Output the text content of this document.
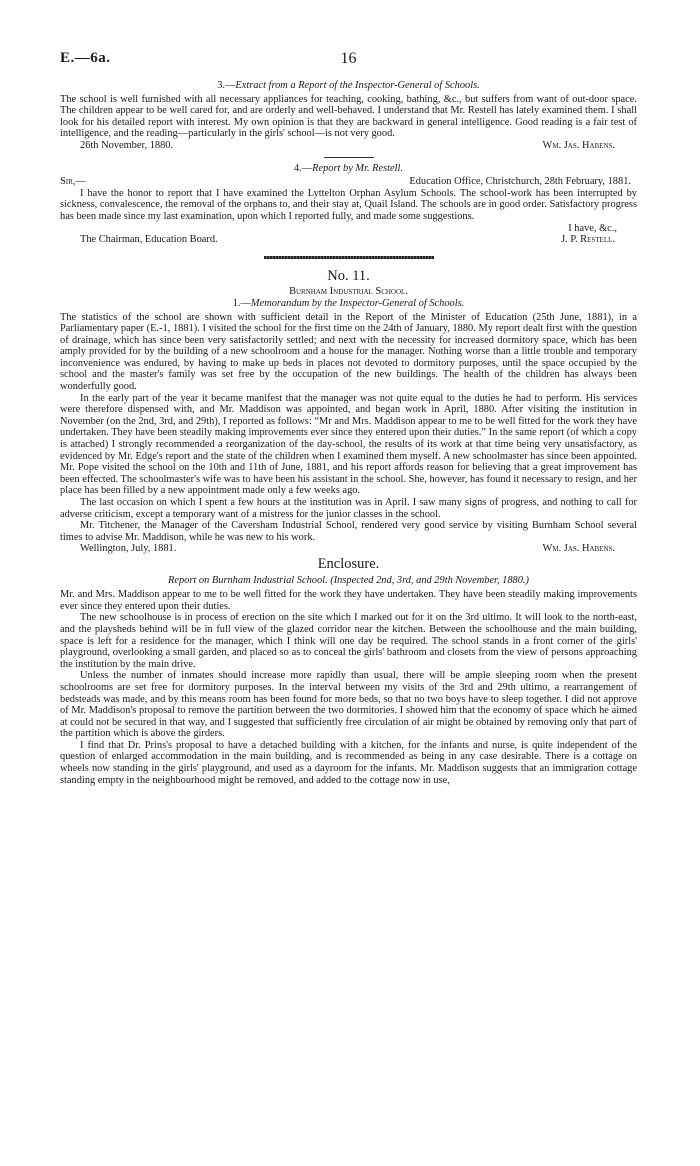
E.—6a.	16
3.—Extract from a Report of the Inspector-General of Schools.

The school is well furnished with all necessary appliances for teaching, cooking, bathing, &c., but suffers from want of out-door space. The children appear to be well cared for, and are orderly and well-behaved. I understand that Mr. Restell has lately examined them. I shall look for his detailed report with interest. My own opinion is that they are backward in general intelligence. Good reading is a fair test of intelligence, and the reading—particularly in the girls' school—is not very good.

26th November, 1880.	Wm. Jas. Habens.
4.—Report by Mr. Restell.
Sir,—	Education Office, Christchurch, 28th February, 1881.

I have the honor to report that I have examined the Lyttelton Orphan Asylum Schools. The school-work has been interrupted by sickness, convalescence, the removal of the orphans to, and their stay at, Quail Island. The schools are in good order. Satisfactory progress has been made since my last examination, upon which I reported fully, and made some suggestions.

I have, &c.,
The Chairman, Education Board.	J. P. Restell.
No. 11.
Burnham Industrial School.
1.—Memorandum by the Inspector-General of Schools.

The statistics of the school are shown with sufficient detail in the Report of the Minister of Education (25th June, 1881), in a Parliamentary paper (E.-1, 1881). I visited the school for the first time on the 24th of January, 1880. My report dealt first with the question of drainage, which has since been very satisfactorily settled; and next with the necessity for increased dormitory space, which has been amply provided for by the building of a new schoolroom and a house for the manager. Nothing worse than a little trouble and temporary inconvenience was endured, by having to make up beds in places not devoted to dormitory purposes, until the space occupied by the school and the master's family was set free by the occupation of the new buildings. The health of the children has always been wonderfully good.

In the early part of the year it became manifest that the manager was not quite equal to the duties he had to perform. His services were therefore dispensed with, and Mr. Maddison was appointed, and began work in April, 1880. After visiting the institution in November (on the 2nd, 3rd, and 29th), I reported as follows: “Mr and Mrs. Maddison appear to me to be well fitted for the work they have undertaken. They have been steadily making improvements ever since they entered upon their duties.” In the same report (of which a copy is attached) I strongly recommended a reorganization of the day-school, the results of its work at that time being very unsatisfactory, as evidenced by Mr. Edge's report and the state of the children when I examined them myself. A new schoolmaster has since been appointed. Mr. Pope visited the school on the 10th and 11th of June, 1881, and his report affords reason for believing that a great improvement has been effected. The schoolmaster's wife was to have been his assistant in the school. She, however, has found it necessary to resign, and her place has been filled by a new appointment made only a few weeks ago.

The last occasion on which I spent a few hours at the institution was in April. I saw many signs of progress, and nothing to call for adverse criticism, except a temporary want of a mistress for the junior classes in the school.

Mr. Titchener, the Manager of the Caversham Industrial School, rendered very good service by visiting Burnham School several times to advise Mr. Maddison, while he was new to his work.

Wellington, July, 1881.	Wm. Jas. Habens.
Enclosure.
Report on Burnham Industrial School. (Inspected 2nd, 3rd, and 29th November, 1880.)

Mr. and Mrs. Maddison appear to me to be well fitted for the work they have undertaken. They have been steadily making improvements ever since they entered upon their duties.

The new schoolhouse is in process of erection on the site which I marked out for it on the 3rd ultimo. It will look to the north-east, and the playsheds behind will be in full view of the glazed corridor near the kitchen. Between the schoolhouse and the main building, space is left for a residence for the manager, which I think will one day be required. The school stands in a front corner of the girls' playground, overlooking a small garden, and placed so as to conceal the girls' bathroom and closets from the view of persons approaching the institution by the main drive.

Unless the number of inmates should increase more rapidly than usual, there will be ample sleeping room when the present schoolrooms are set free for dormitory purposes. In the interval between my visits of the 3rd and 29th ultimo, a rearrangement of bedsteads was made, and by this means room has been found for more beds, so that no two boys have to sleep together. I did not approve of Mr. Maddison's proposal to remove the partition between the two dormitories. I showed him that the economy of space which he aimed at could not be secured in that way, and I suggested that sufficiently free circulation of air might be obtained by removing only that part of the partition which is above the girders.

I find that Dr. Prins's proposal to have a detached building with a kitchen, for the infants and nurse, is quite independent of the question of enlarged accommodation in the main building, and is recommended as being in any case desirable. There is a cottage on wheels now standing in the girls' playground, and used as a dayroom for the infants. Mr. Maddison suggests that an immigration cottage standing empty in the neighbourhood might be removed, and added to the cottage now in use,
